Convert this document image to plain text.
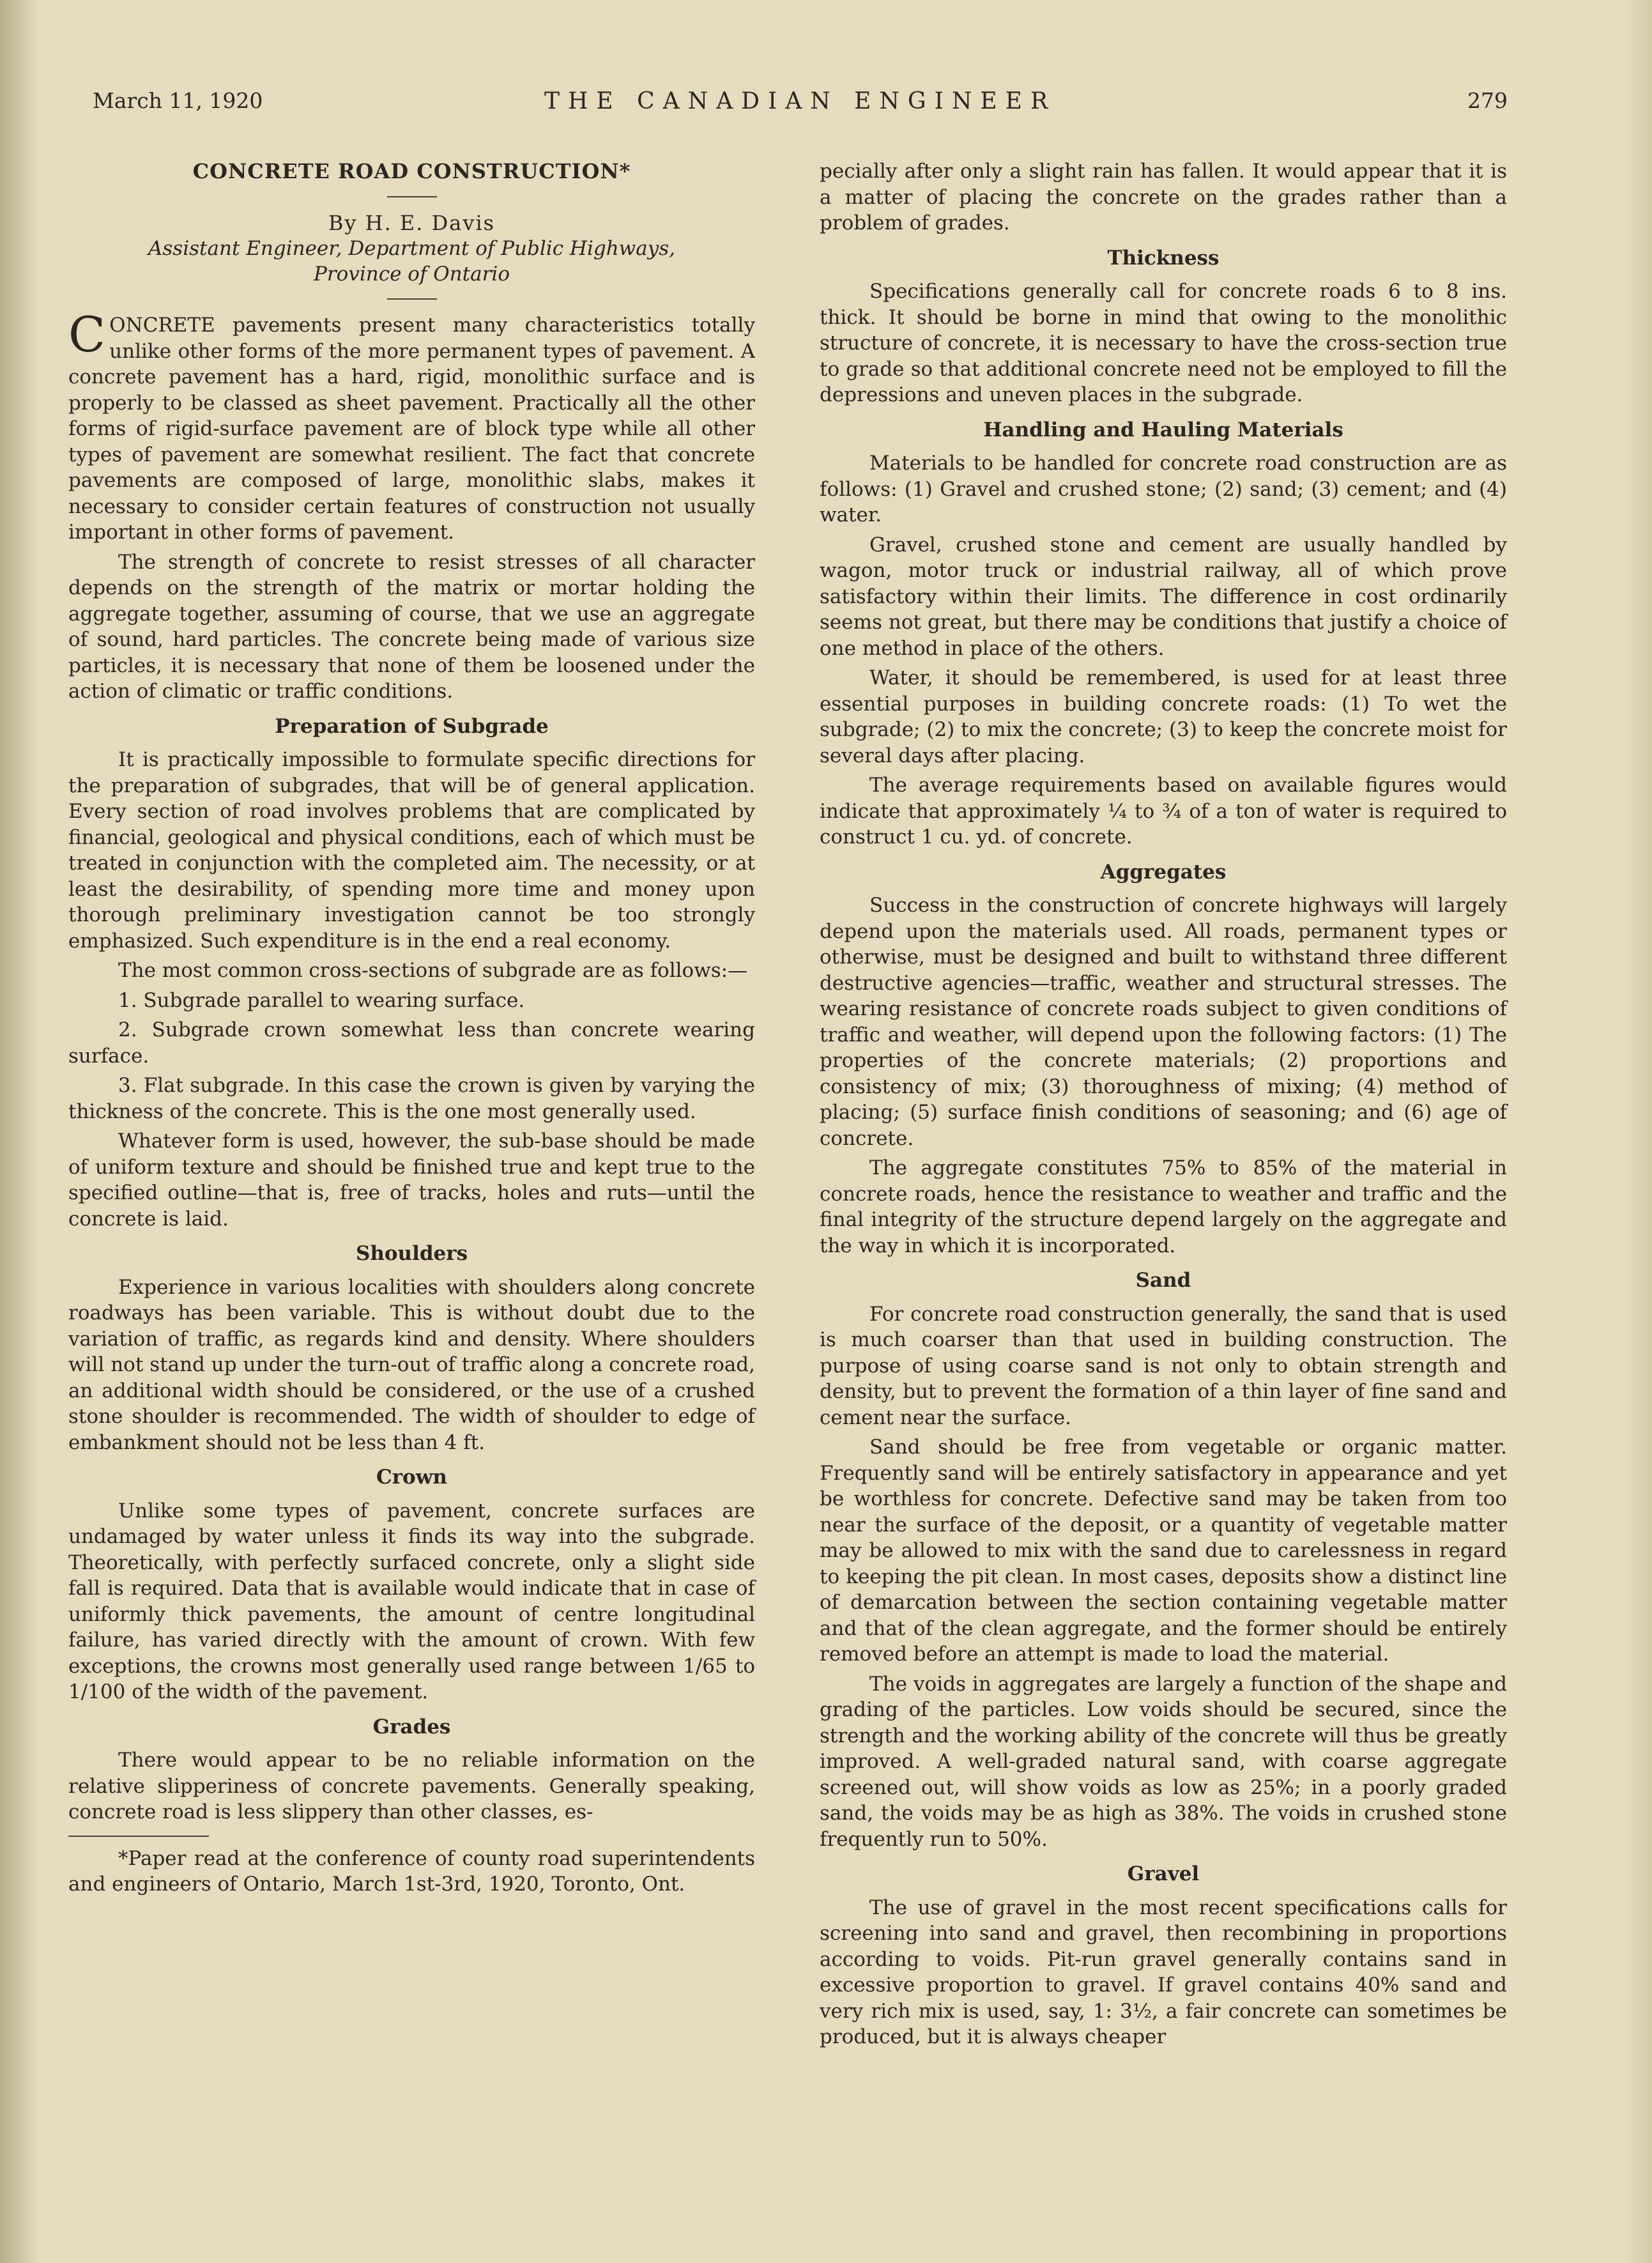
March 11, 1920	THE CANADIAN ENGINEER	279
CONCRETE ROAD CONSTRUCTION*
By H. E. Davis
Assistant Engineer, Department of Public Highways,
Province of Ontario

CONCRETE pavements present many characteristics totally unlike other forms of the more permanent types of pavement. A concrete pavement has a hard, rigid, monolithic surface and is properly to be classed as sheet pavement. Practically all the other forms of rigid-surface pavement are of block type while all other types of pavement are somewhat resilient. The fact that concrete pavements are composed of large, monolithic slabs, makes it necessary to consider certain features of construction not usually important in other forms of pavement.

The strength of concrete to resist stresses of all character depends on the strength of the matrix or mortar holding the aggregate together, assuming of course, that we use an aggregate of sound, hard particles. The concrete being made of various size particles, it is necessary that none of them be loosened under the action of climatic or traffic conditions.

Preparation of Subgrade

It is practically impossible to formulate specific directions for the preparation of subgrades, that will be of general application. Every section of road involves problems that are complicated by financial, geological and physical conditions, each of which must be treated in conjunction with the completed aim. The necessity, or at least the desirability, of spending more time and money upon thorough preliminary investigation cannot be too strongly emphasized. Such expenditure is in the end a real economy.

The most common cross-sections of subgrade are as follows:—

1. Subgrade parallel to wearing surface.

2. Subgrade crown somewhat less than concrete wearing surface.

3. Flat subgrade. In this case the crown is given by varying the thickness of the concrete. This is the one most generally used.

Whatever form is used, however, the sub-base should be made of uniform texture and should be finished true and kept true to the specified outline—that is, free of tracks, holes and ruts—until the concrete is laid.

Shoulders

Experience in various localities with shoulders along concrete roadways has been variable. This is without doubt due to the variation of traffic, as regards kind and density. Where shoulders will not stand up under the turn-out of traffic along a concrete road, an additional width should be considered, or the use of a crushed stone shoulder is recommended. The width of shoulder to edge of embankment should not be less than 4 ft.

Crown

Unlike some types of pavement, concrete surfaces are undamaged by water unless it finds its way into the subgrade. Theoretically, with perfectly surfaced concrete, only a slight side fall is required. Data that is available would indicate that in case of uniformly thick pavements, the amount of centre longitudinal failure, has varied directly with the amount of crown. With few exceptions, the crowns most generally used range between 1/65 to 1/100 of the width of the pavement.

Grades

There would appear to be no reliable information on the relative slipperiness of concrete pavements. Generally speaking, concrete road is less slippery than other classes, es-

*Paper read at the conference of county road superintendents and engineers of Ontario, March 1st-3rd, 1920, Toronto, Ont.

pecially after only a slight rain has fallen. It would appear that it is a matter of placing the concrete on the grades rather than a problem of grades.

Thickness

Specifications generally call for concrete roads 6 to 8 ins. thick. It should be borne in mind that owing to the monolithic structure of concrete, it is necessary to have the cross-section true to grade so that additional concrete need not be employed to fill the depressions and uneven places in the subgrade.

Handling and Hauling Materials

Materials to be handled for concrete road construction are as follows: (1) Gravel and crushed stone; (2) sand; (3) cement; and (4) water.

Gravel, crushed stone and cement are usually handled by wagon, motor truck or industrial railway, all of which prove satisfactory within their limits. The difference in cost ordinarily seems not great, but there may be conditions that justify a choice of one method in place of the others.

Water, it should be remembered, is used for at least three essential purposes in building concrete roads: (1) To wet the subgrade; (2) to mix the concrete; (3) to keep the concrete moist for several days after placing.

The average requirements based on available figures would indicate that approximately ¼ to ¾ of a ton of water is required to construct 1 cu. yd. of concrete.

Aggregates

Success in the construction of concrete highways will largely depend upon the materials used. All roads, permanent types or otherwise, must be designed and built to withstand three different destructive agencies—traffic, weather and structural stresses. The wearing resistance of concrete roads subject to given conditions of traffic and weather, will depend upon the following factors: (1) The properties of the concrete materials; (2) proportions and consistency of mix; (3) thoroughness of mixing; (4) method of placing; (5) surface finish conditions of seasoning; and (6) age of concrete.

The aggregate constitutes 75% to 85% of the material in concrete roads, hence the resistance to weather and traffic and the final integrity of the structure depend largely on the aggregate and the way in which it is incorporated.

Sand

For concrete road construction generally, the sand that is used is much coarser than that used in building construction. The purpose of using coarse sand is not only to obtain strength and density, but to prevent the formation of a thin layer of fine sand and cement near the surface.

Sand should be free from vegetable or organic matter. Frequently sand will be entirely satisfactory in appearance and yet be worthless for concrete. Defective sand may be taken from too near the surface of the deposit, or a quantity of vegetable matter may be allowed to mix with the sand due to carelessness in regard to keeping the pit clean. In most cases, deposits show a distinct line of demarcation between the section containing vegetable matter and that of the clean aggregate, and the former should be entirely removed before an attempt is made to load the material.

The voids in aggregates are largely a function of the shape and grading of the particles. Low voids should be secured, since the strength and the working ability of the concrete will thus be greatly improved. A well-graded natural sand, with coarse aggregate screened out, will show voids as low as 25%; in a poorly graded sand, the voids may be as high as 38%. The voids in crushed stone frequently run to 50%.

Gravel

The use of gravel in the most recent specifications calls for screening into sand and gravel, then recombining in proportions according to voids. Pit-run gravel generally contains sand in excessive proportion to gravel. If gravel contains 40% sand and very rich mix is used, say, 1: 3½, a fair concrete can sometimes be produced, but it is always cheaper
